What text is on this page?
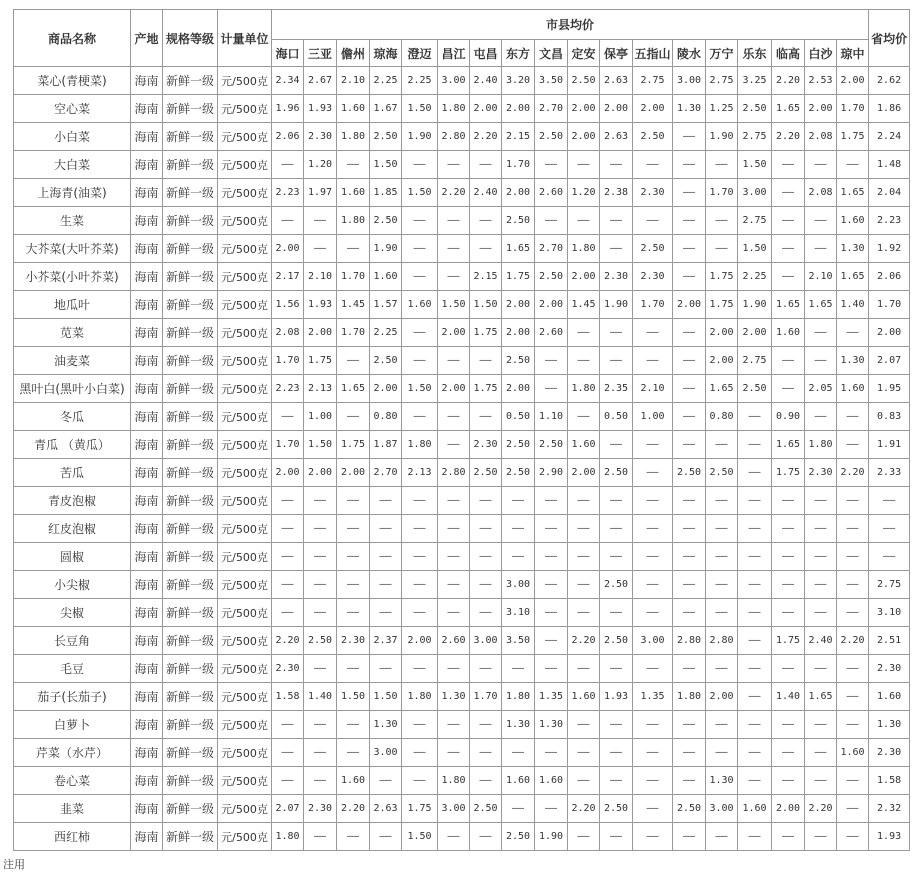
商品名称	产地	规格等级	计量单位	市县均价																		省均价
				海口	三亚	儋州	琼海	澄迈	昌江	屯昌	东方	文昌	定安	保亭	五指山	陵水	万宁	乐东	临高	白沙	琼中	
菜心(青梗菜)	海南	新鲜一级	元/500克	2.34	2.67	2.10	2.25	2.25	3.00	2.40	3.20	3.50	2.50	2.63	2.75	3.00	2.75	3.25	2.20	2.53	2.00	2.62
空心菜	海南	新鲜一级	元/500克	1.96	1.93	1.60	1.67	1.50	1.80	2.00	2.00	2.70	2.00	2.00	2.00	1.30	1.25	2.50	1.65	2.00	1.70	1.86
小白菜	海南	新鲜一级	元/500克	2.06	2.30	1.80	2.50	1.90	2.80	2.20	2.15	2.50	2.00	2.63	2.50	——	1.90	2.75	2.20	2.08	1.75	2.24
大白菜	海南	新鲜一级	元/500克	——	1.20	——	1.50	——	——	——	1.70	——	——	——	——	——	——	1.50	——	——	——	1.48
上海青(油菜)	海南	新鲜一级	元/500克	2.23	1.97	1.60	1.85	1.50	2.20	2.40	2.00	2.60	1.20	2.38	2.30	——	1.70	3.00	——	2.08	1.65	2.04
生菜	海南	新鲜一级	元/500克	——	——	1.80	2.50	——	——	——	2.50	——	——	——	——	——	——	2.75	——	——	1.60	2.23
大芥菜(大叶芥菜)	海南	新鲜一级	元/500克	2.00	——	——	1.90	——	——	——	1.65	2.70	1.80	——	2.50	——	——	1.50	——	——	1.30	1.92
小芥菜(小叶芥菜)	海南	新鲜一级	元/500克	2.17	2.10	1.70	1.60	——	——	2.15	1.75	2.50	2.00	2.30	2.30	——	1.75	2.25	——	2.10	1.65	2.06
地瓜叶	海南	新鲜一级	元/500克	1.56	1.93	1.45	1.57	1.60	1.50	1.50	2.00	2.00	1.45	1.90	1.70	2.00	1.75	1.90	1.65	1.65	1.40	1.70
苋菜	海南	新鲜一级	元/500克	2.08	2.00	1.70	2.25	——	2.00	1.75	2.00	2.60	——	——	——	——	2.00	2.00	1.60	——	——	2.00
油麦菜	海南	新鲜一级	元/500克	1.70	1.75	——	2.50	——	——	——	2.50	——	——	——	——	——	2.00	2.75	——	——	1.30	2.07
黑叶白(黑叶小白菜)	海南	新鲜一级	元/500克	2.23	2.13	1.65	2.00	1.50	2.00	1.75	2.00	——	1.80	2.35	2.10	——	1.65	2.50	——	2.05	1.60	1.95
冬瓜	海南	新鲜一级	元/500克	——	1.00	——	0.80	——	——	——	0.50	1.10	——	0.50	1.00	——	0.80	——	0.90	——	——	0.83
青瓜 （黄瓜）	海南	新鲜一级	元/500克	1.70	1.50	1.75	1.87	1.80	——	2.30	2.50	2.50	1.60	——	——	——	——	——	1.65	1.80	——	1.91
苦瓜	海南	新鲜一级	元/500克	2.00	2.00	2.00	2.70	2.13	2.80	2.50	2.50	2.90	2.00	2.50	——	2.50	2.50	——	1.75	2.30	2.20	2.33
青皮泡椒	海南	新鲜一级	元/500克	——	——	——	——	——	——	——	——	——	——	——	——	——	——	——	——	——	——	——
红皮泡椒	海南	新鲜一级	元/500克	——	——	——	——	——	——	——	——	——	——	——	——	——	——	——	——	——	——	——
圆椒	海南	新鲜一级	元/500克	——	——	——	——	——	——	——	——	——	——	——	——	——	——	——	——	——	——	——
小尖椒	海南	新鲜一级	元/500克	——	——	——	——	——	——	——	3.00	——	——	2.50	——	——	——	——	——	——	——	2.75
尖椒	海南	新鲜一级	元/500克	——	——	——	——	——	——	——	3.10	——	——	——	——	——	——	——	——	——	——	3.10
长豆角	海南	新鲜一级	元/500克	2.20	2.50	2.30	2.37	2.00	2.60	3.00	3.50	——	2.20	2.50	3.00	2.80	2.80	——	1.75	2.40	2.20	2.51
毛豆	海南	新鲜一级	元/500克	2.30	——	——	——	——	——	——	——	——	——	——	——	——	——	——	——	——	——	2.30
茄子(长茄子)	海南	新鲜一级	元/500克	1.58	1.40	1.50	1.50	1.80	1.30	1.70	1.80	1.35	1.60	1.93	1.35	1.80	2.00	——	1.40	1.65	——	1.60
白萝卜	海南	新鲜一级	元/500克	——	——	——	1.30	——	——	——	1.30	1.30	——	——	——	——	——	——	——	——	——	1.30
芹菜（水芹）	海南	新鲜一级	元/500克	——	——	——	3.00	——	——	——	——	——	——	——	——	——	——	——	——	——	1.60	2.30
卷心菜	海南	新鲜一级	元/500克	——	——	1.60	——	——	1.80	——	1.60	1.60	——	——	——	——	1.30	——	——	——	——	1.58
韭菜	海南	新鲜一级	元/500克	2.07	2.30	2.20	2.63	1.75	3.00	2.50	——	——	2.20	2.50	——	2.50	3.00	1.60	2.00	2.20	——	2.32
西红柿	海南	新鲜一级	元/500克	1.80	——	——	——	1.50	——	——	2.50	1.90	——	——	——	——	——	——	——	——	——	1.93
注用
